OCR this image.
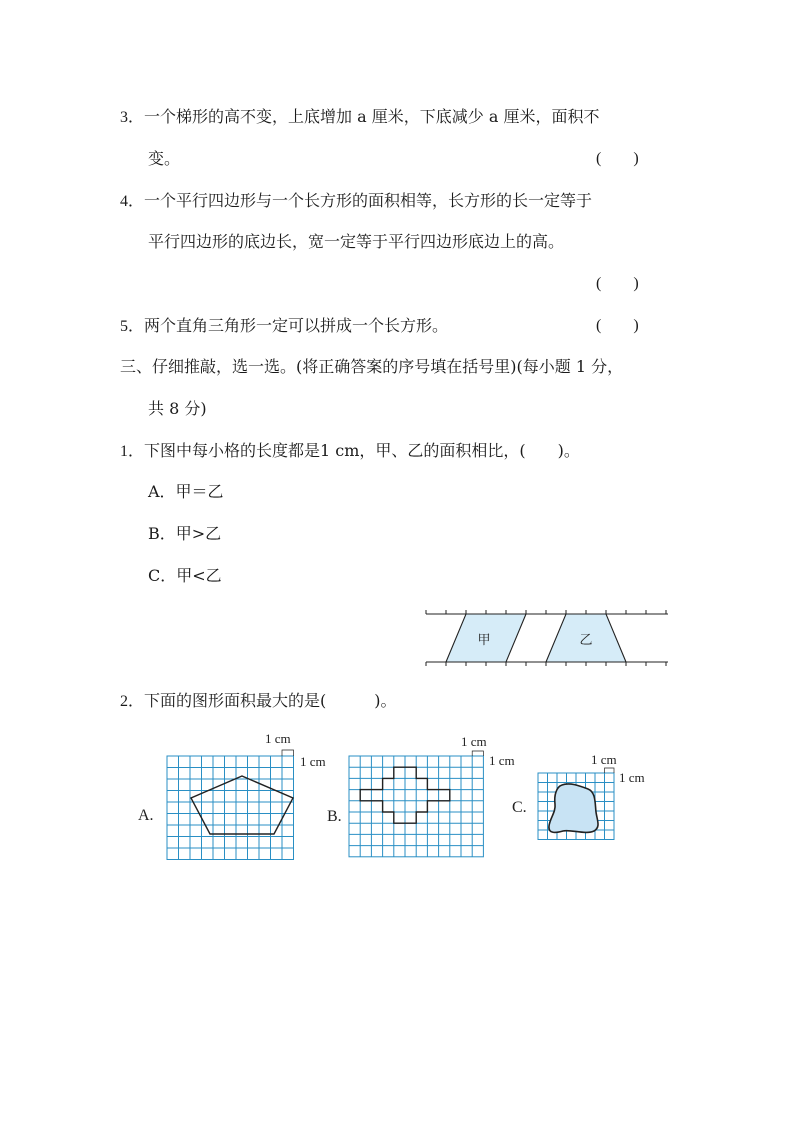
3．一个梯形的高不变，上底增加 a 厘米，下底减少 a 厘米，面积不
变。	(　　)
4．一个平行四边形与一个长方形的面积相等，长方形的长一定等于
平行四边形的底边长，宽一定等于平行四边形底边上的高。
(　　)
5．两个直角三角形一定可以拼成一个长方形。	(　　)
三、仔细推敲，选一选。(将正确答案的序号填在括号里)(每小题 1 分，
共 8 分)
1．下图中每小格的长度都是1 cm，甲、乙的面积相比，(　　)。
A．甲＝乙
B．甲>乙
C．甲<乙
甲	乙
2．下面的图形面积最大的是(　　　)。
A.
1 cm
1 cm
B.
1 cm
1 cm
C.
1 cm
1 cm
